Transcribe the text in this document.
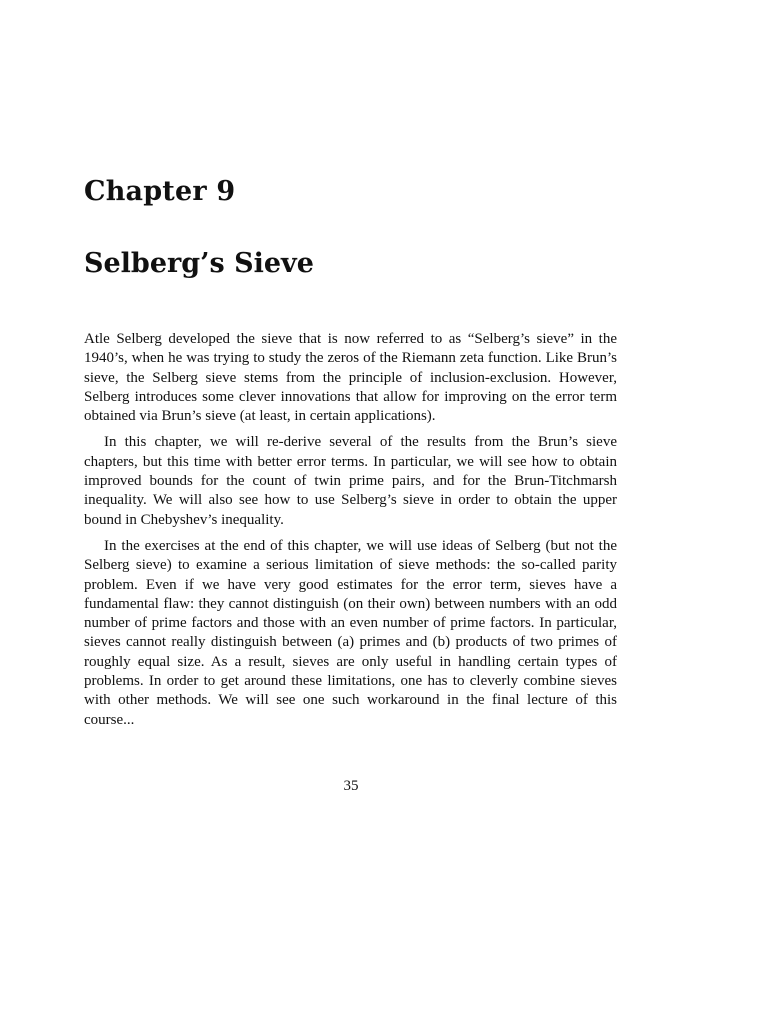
Chapter 9
Selberg’s Sieve

Atle Selberg developed the sieve that is now referred to as “Selberg’s sieve” in the 1940’s, when he was trying to study the zeros of the Riemann zeta function. Like Brun’s sieve, the Selberg sieve stems from the principle of inclusion-exclusion. However, Selberg introduces some clever innovations that allow for improving on the error term obtained via Brun’s sieve (at least, in certain applications).

In this chapter, we will re-derive several of the results from the Brun’s sieve chapters, but this time with better error terms. In particular, we will see how to obtain improved bounds for the count of twin prime pairs, and for the Brun-Titchmarsh inequality. We will also see how to use Selberg’s sieve in order to obtain the upper bound in Chebyshev’s inequality.

In the exercises at the end of this chapter, we will use ideas of Selberg (but not the Selberg sieve) to examine a serious limitation of sieve methods: the so-called parity problem. Even if we have very good estimates for the error term, sieves have a fundamental flaw: they cannot distinguish (on their own) between numbers with an odd number of prime factors and those with an even number of prime factors. In particular, sieves cannot really distinguish between (a) primes and (b) products of two primes of roughly equal size. As a result, sieves are only useful in handling certain types of problems. In order to get around these limitations, one has to cleverly combine sieves with other methods. We will see one such workaround in the final lecture of this course...

35
